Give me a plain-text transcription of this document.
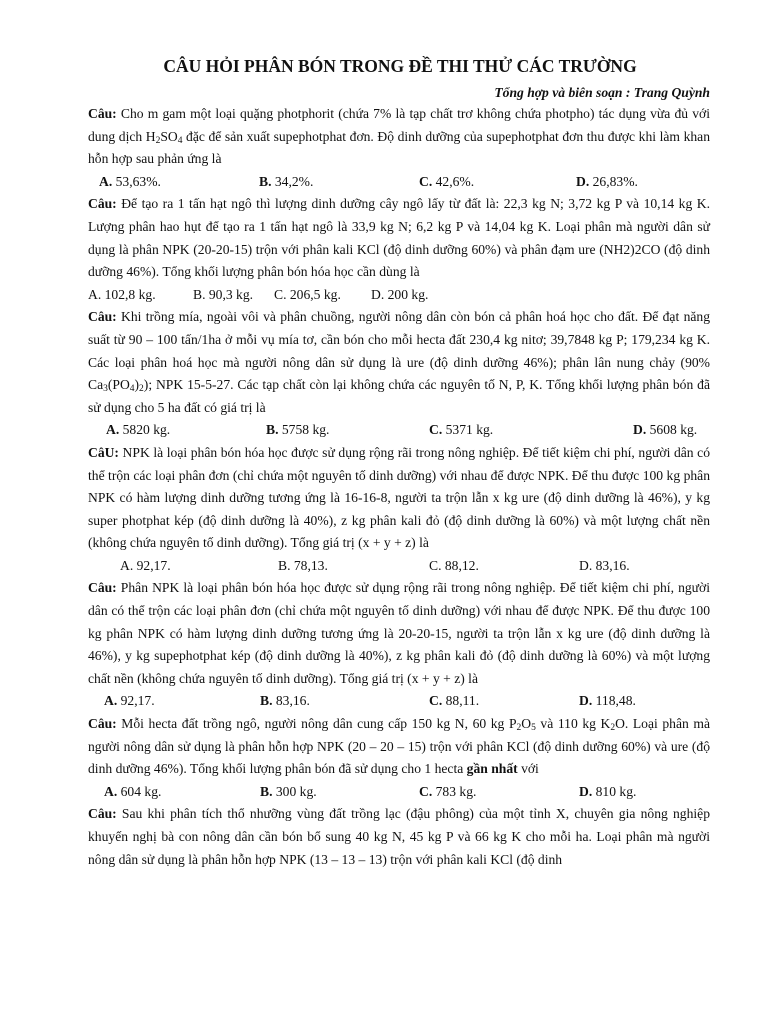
CÂU HỎI PHÂN BÓN TRONG ĐỀ THI THỬ CÁC TRƯỜNG
Tổng hợp và biên soạn : Trang Quỳnh

Câu: Cho m gam một loại quặng photphorit (chứa 7% là tạp chất trơ không chứa photpho) tác dụng vừa đủ với dung dịch $H_2SO_4$ đặc để sản xuất supephotphat đơn. Độ dinh dưỡng của supephotphat đơn thu được khi làm khan hỗn hợp sau phản ứng là

A. 53,63%.	B. 34,2%.	C. 42,6%.	D. 26,83%.

Câu: Để tạo ra 1 tấn hạt ngô thì lượng dinh dưỡng cây ngô lấy từ đất là: 22,3 kg N; 3,72 kg P và 10,14 kg K. Lượng phân hao hụt để tạo ra 1 tấn hạt ngô là 33,9 kg N; 6,2 kg P và 14,04 kg K. Loại phân mà người dân sử dụng là phân NPK (20-20-15) trộn với phân kali KCl (độ dinh dưỡng 60%) và phân đạm ure (NH2)2CO (độ dinh dưỡng 46%). Tổng khối lượng phân bón hóa học cần dùng là

A. 102,8 kg.	B. 90,3 kg. C. 206,5 kg. D. 200 kg.

Câu: Khi trồng mía, ngoài vôi và phân chuồng, người nông dân còn bón cả phân hoá học cho đất. Để đạt năng suất từ 90 – 100 tấn/1ha ở mỗi vụ mía tơ, cần bón cho mỗi hecta đất 230,4 kg nitơ; 39,7848 kg P; 179,234 kg K. Các loại phân hoá học mà người nông dân sử dụng là ure (độ dinh dưỡng 46%); phân lân nung chảy (90% $Ca_3(PO_4)_2$); NPK 15-5-27. Các tạp chất còn lại không chứa các nguyên tố N, P, K. Tổng khối lượng phân bón đã sử dụng cho 5 ha đất có giá trị là

A. 5820 kg.	B. 5758 kg.	C. 5371 kg.	D. 5608 kg.

CâU: NPK là loại phân bón hóa học được sử dụng rộng rãi trong nông nghiệp. Để tiết kiệm chi phí, người dân có thể trộn các loại phân đơn (chỉ chứa một nguyên tố dinh dưỡng) với nhau để được NPK. Để thu được 100 kg phân NPK có hàm lượng dinh dưỡng tương ứng là 16-16-8, người ta trộn lẫn x kg ure (độ dinh dưỡng là 46%), y kg super photphat kép (độ dinh dưỡng là 40%), z kg phân kali đỏ (độ dinh dưỡng là 60%) và một lượng chất nền (không chứa nguyên tố dinh dưỡng). Tổng giá trị (x + y + z) là

A. 92,17.	B. 78,13.	C. 88,12.	D. 83,16.

Câu: Phân NPK là loại phân bón hóa học được sử dụng rộng rãi trong nông nghiệp. Để tiết kiệm chi phí, người dân có thể trộn các loại phân đơn (chỉ chứa một nguyên tố dinh dưỡng) với nhau để được NPK. Để thu được 100 kg phân NPK có hàm lượng dinh dưỡng tương ứng là 20-20-15, người ta trộn lẫn x kg ure (độ dinh dưỡng là 46%), y kg supephotphat kép (độ dinh dưỡng là 40%), z kg phân kali đỏ (độ dinh dưỡng là 60%) và một lượng chất nền (không chứa nguyên tố dinh dưỡng). Tổng giá trị (x + y + z) là

A. 92,17.	B. 83,16.	C. 88,11.	D. 118,48.

Câu: Mỗi hecta đất trồng ngô, người nông dân cung cấp 150 kg N, 60 kg $P_2O_5$ và 110 kg $K_2O$. Loại phân mà người nông dân sử dụng là phân hỗn hợp NPK (20 – 20 – 15) trộn với phân KCl (độ dinh dưỡng 60%) và ure (độ dinh dưỡng 46%). Tổng khối lượng phân bón đã sử dụng cho 1 hecta gần nhất với

A. 604 kg.	B. 300 kg.	C. 783 kg.	D. 810 kg.

Câu: Sau khi phân tích thổ nhưỡng vùng đất trồng lạc (đậu phông) của một tỉnh X, chuyên gia nông nghiệp khuyến nghị bà con nông dân cần bón bổ sung 40 kg N, 45 kg P và 66 kg K cho mỗi ha. Loại phân mà người nông dân sử dụng là phân hỗn hợp NPK (13 – 13 – 13) trộn với phân kali KCl (độ dinh
